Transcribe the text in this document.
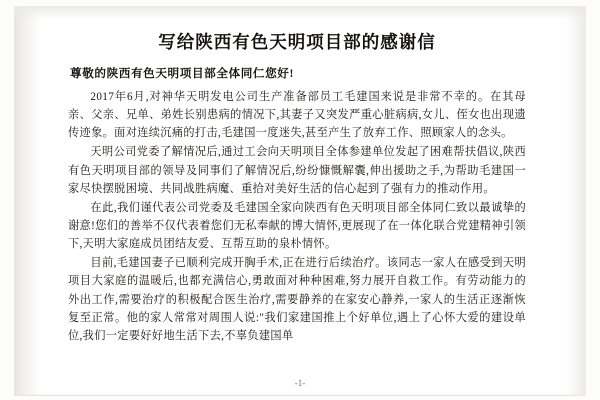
写给陕西有色天明项目部的感谢信
尊敬的陕西有色天明项目部全体同仁您好!

2017年6月,对神华天明发电公司生产准备部员工毛建国来说是非常不幸的。在其母亲、父亲、兄单、弟姓长别患病的情况下,其妻子又突发严重心脏病病,女儿、侄女也出现遗传迹象。面对连续沉痛的打击,毛建国一度迷失,甚至产生了放弃工作、照顾家人的念头。

天明公司党委了解情况后,通过工会向天明项目全体参建单位发起了困难帮扶倡议,陕西有色天明项目部的领导及同事们了解情况后,纷纷慷慨解囊,伸出援助之手,为帮助毛建国一家尽快摆脱困境、共同战胜病魔、重拾对美好生活的信心起到了强有力的推动作用。

在此,我们谨代表公司党委及毛建国全家向陕西有色天明项目部全体同仁致以最诚挚的谢意!您们的善举不仅代表着您们无私奉献的博大情怀,更展现了在一体化联合党建精神引领下,天明大家庭成员团结友爱、互帮互助的泉朴情怀。

目前,毛建国妻子已顺利完成开胸手术,正在进行后续治疗。该同志一家人在感受到天明项目大家庭的温暖后,也都充满信心,勇敢面对种种困难,努力展开自救工作。有劳动能力的外出工作,需要治疗的积极配合医生治疗,需要静养的在家安心静养,一家人的生活正逐渐恢复至正常。他的家人常常对周围人说:"我们家建国推上个好单位,遇上了心怀大爱的建设单位,我们一定要好好地生活下去,不辜负建国单

-1-
